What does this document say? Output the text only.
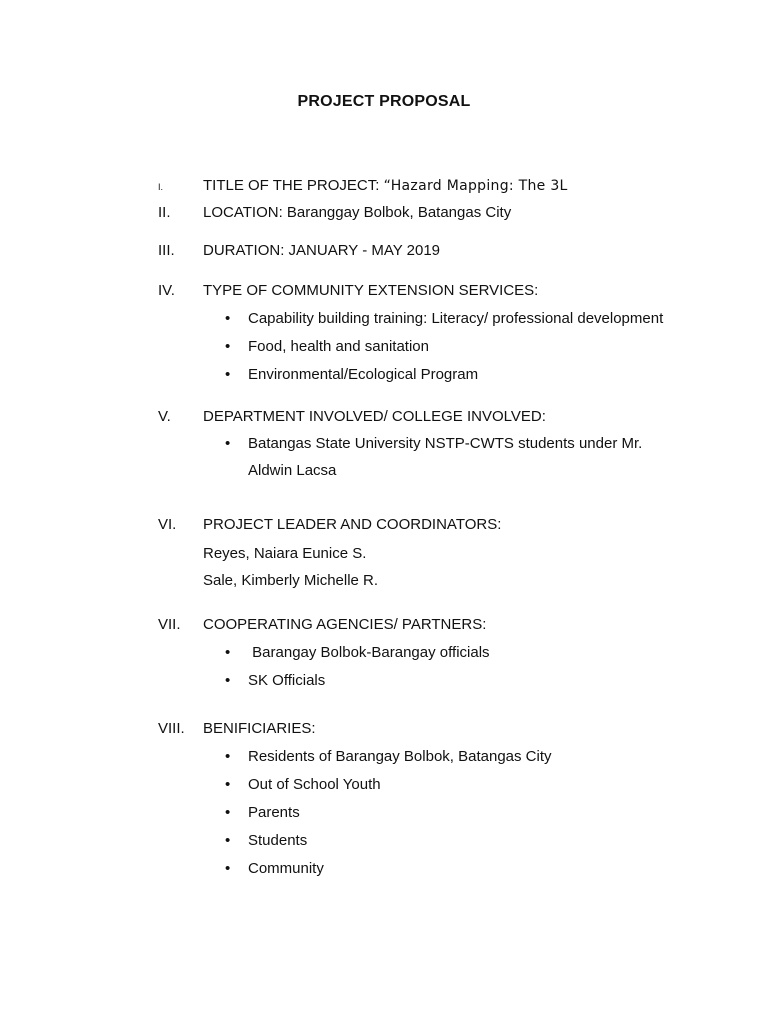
PROJECT PROPOSAL
I.	TITLE OF THE PROJECT: “Hazard Mapping: The 3L
II. LOCATION: Baranggay Bolbok, Batangas City
III. DURATION: JANUARY - MAY 2019
IV. TYPE OF COMMUNITY EXTENSION SERVICES:
• Capability building training: Literacy/ professional development
• Food, health and sanitation
• Environmental/Ecological Program
V. DEPARTMENT INVOLVED/ COLLEGE INVOLVED:
• Batangas State University NSTP-CWTS students under Mr.
Aldwin Lacsa
VI. PROJECT LEADER AND COORDINATORS:
Reyes, Naiara Eunice S.
Sale, Kimberly Michelle R.
VII. COOPERATING AGENCIES/ PARTNERS:
• Barangay Bolbok-Barangay officials
• SK Officials
VIII. BENIFICIARIES:
• Residents of Barangay Bolbok, Batangas City
• Out of School Youth
• Parents
• Students
• Community
